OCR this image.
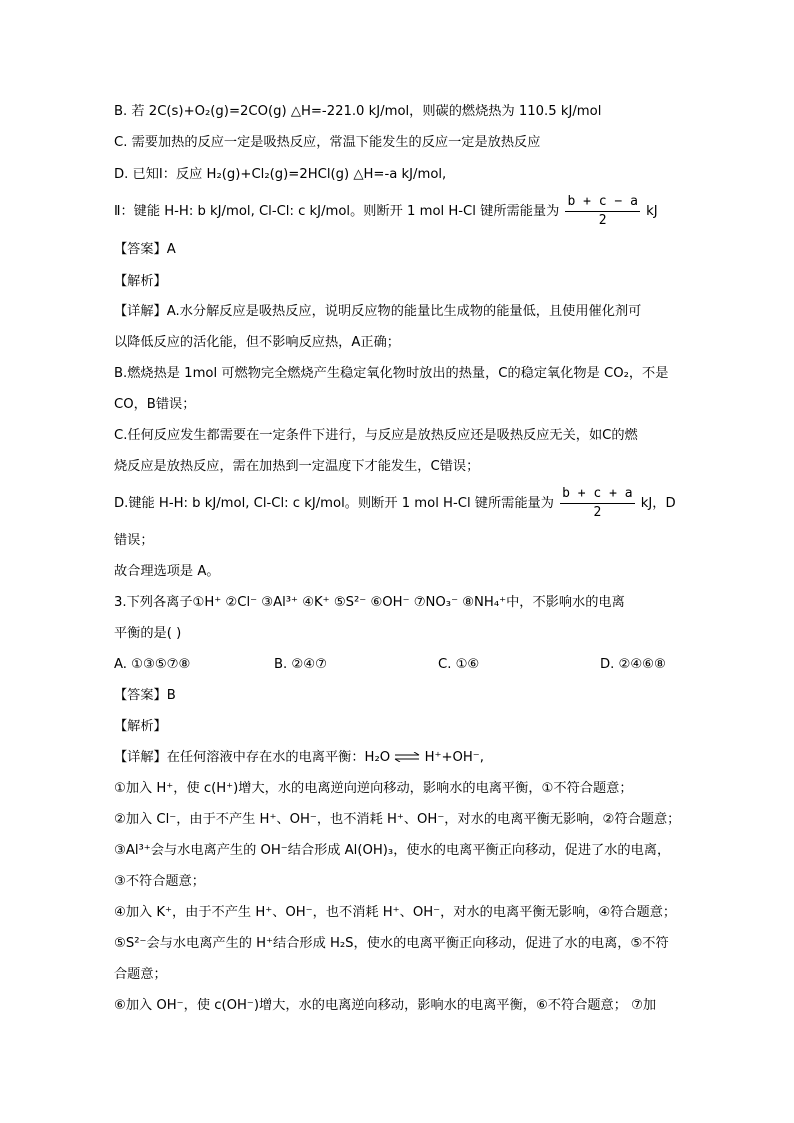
B. 若 2C(s)+O₂(g)=2CO(g) △H=-221.0 kJ/mol，则碳的燃烧热为 110.5 kJ/mol
C. 需要加热的反应一定是吸热反应，常温下能发生的反应一定是放热反应
D. 已知Ⅰ：反应 H₂(g)+Cl₂(g)=2HCl(g) △H=-a kJ/mol,
Ⅱ：键能 H-H: b kJ/mol, Cl-Cl: c kJ/mol。则断开 1 mol H-Cl 键所需能量为 $\frac{b + c - a}{2}$ kJ
【答案】A
【解析】
【详解】A.水分解反应是吸热反应，说明反应物的能量比生成物的能量低，且使用催化剂可
以降低反应的活化能，但不影响反应热，A正确；
B.燃烧热是 1mol 可燃物完全燃烧产生稳定氧化物时放出的热量，C的稳定氧化物是 CO₂，不是
CO，B错误；
C.任何反应发生都需要在一定条件下进行，与反应是放热反应还是吸热反应无关，如C的燃
烧反应是放热反应，需在加热到一定温度下才能发生，C错误；
D.键能 H-H: b kJ/mol, Cl-Cl: c kJ/mol。则断开 1 mol H-Cl 键所需能量为 $\frac{b + c + a}{2}$ kJ，D
错误；
故合理选项是 A。
3.下列各离子①H⁺ ②Cl⁻ ③Al³⁺ ④K⁺ ⑤S²⁻ ⑥OH⁻ ⑦NO₃⁻ ⑧NH₄⁺中，不影响水的电离
平衡的是( )
A. ①③⑤⑦⑧	B. ②④⑦	C. ①⑥	D. ②④⑥⑧
【答案】B
【解析】
【详解】在任何溶液中存在水的电离平衡：H₂O ⇌ H⁺+OH⁻,
①加入 H⁺，使 c(H⁺)增大，水的电离逆向逆向移动，影响水的电离平衡，①不符合题意；
②加入 Cl⁻，由于不产生 H⁺、OH⁻，也不消耗 H⁺、OH⁻，对水的电离平衡无影响，②符合题意；
③Al³⁺会与水电离产生的 OH⁻结合形成 Al(OH)₃，使水的电离平衡正向移动，促进了水的电离，
③不符合题意；
④加入 K⁺，由于不产生 H⁺、OH⁻，也不消耗 H⁺、OH⁻，对水的电离平衡无影响，④符合题意；
⑤S²⁻会与水电离产生的 H⁺结合形成 H₂S，使水的电离平衡正向移动，促进了水的电离，⑤不符
合题意；
⑥加入 OH⁻，使 c(OH⁻)增大，水的电离逆向移动，影响水的电离平衡，⑥不符合题意； ⑦加
